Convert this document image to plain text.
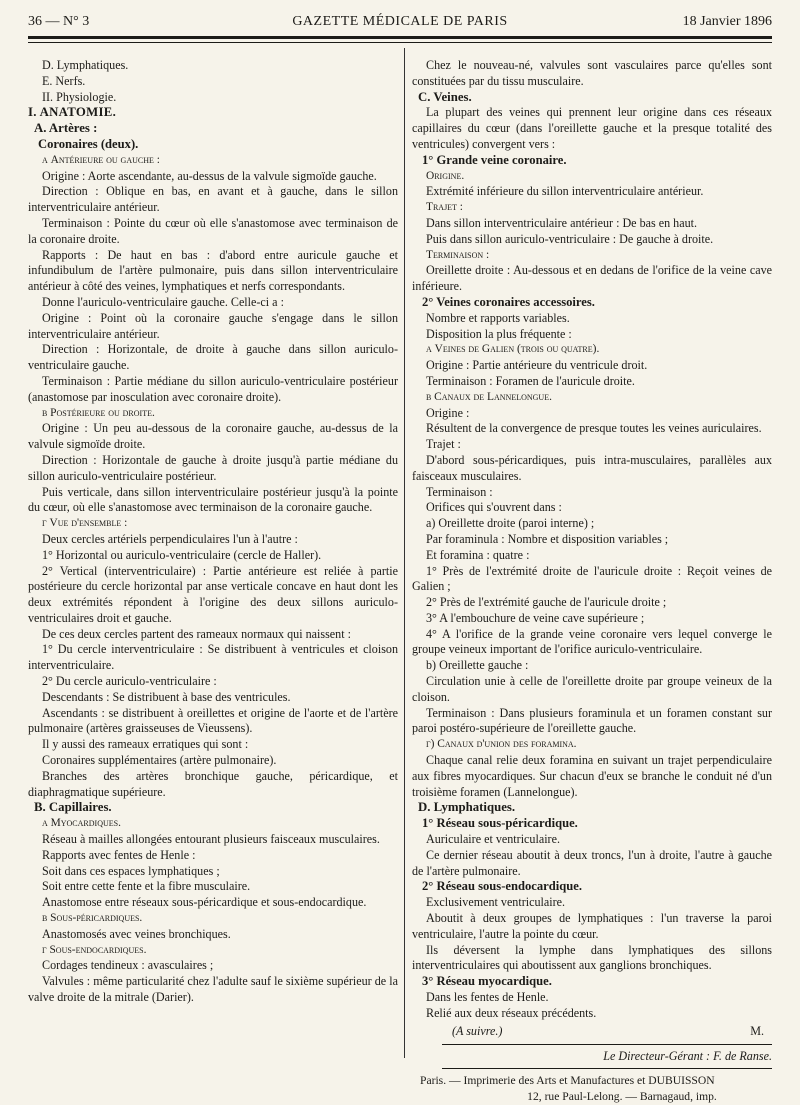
36 — N° 3	GAZETTE MÉDICALE DE PARIS	18 Janvier 1896

D. Lymphatiques.

E. Nerfs.

II. Physiologie.

I. ANATOMIE.

A. Artères :

Coronaires (deux).

α Antérieure ou gauche :

Origine : Aorte ascendante, au-dessus de la valvule sigmoïde gauche.

Direction : Oblique en bas, en avant et à gauche, dans le sillon interventriculaire antérieur.

Terminaison : Pointe du cœur où elle s'anastomose avec terminaison de la coronaire droite.

Rapports : De haut en bas : d'abord entre auricule gauche et infundibulum de l'artère pulmonaire, puis dans sillon interventriculaire antérieur à côté des veines, lymphatiques et nerfs correspondants.

Donne l'auriculo-ventriculaire gauche. Celle-ci a :

Origine : Point où la coronaire gauche s'engage dans le sillon interventriculaire antérieur.

Direction : Horizontale, de droite à gauche dans sillon auriculo-ventriculaire gauche.

Terminaison : Partie médiane du sillon auriculo-ventriculaire postérieur (anastomose par inosculation avec coronaire droite).

β Postérieure ou droite.

Origine : Un peu au-dessous de la coronaire gauche, au-dessus de la valvule sigmoïde droite.

Direction : Horizontale de gauche à droite jusqu'à partie médiane du sillon auriculo-ventriculaire postérieur.

Puis verticale, dans sillon interventriculaire postérieur jusqu'à la pointe du cœur, où elle s'anastomose avec terminaison de la coronaire gauche.

γ Vue d'ensemble :

Deux cercles artériels perpendiculaires l'un à l'autre :

1° Horizontal ou auriculo-ventriculaire (cercle de Haller).

2° Vertical (interventriculaire) : Partie antérieure est reliée à partie postérieure du cercle horizontal par anse verticale concave en haut dont les deux extrémités répondent à l'origine des deux sillons auriculo-ventriculaires droit et gauche.

De ces deux cercles partent des rameaux normaux qui naissent :

1° Du cercle interventriculaire : Se distribuent à ventricules et cloison interventriculaire.

2° Du cercle auriculo-ventriculaire :

Descendants : Se distribuent à base des ventricules.

Ascendants : se distribuent à oreillettes et origine de l'aorte et de l'artère pulmonaire (artères graisseuses de Vieussens).

Il y aussi des rameaux erratiques qui sont :

Coronaires supplémentaires (artère pulmonaire).

Branches des artères bronchique gauche, péricardique, et diaphragmatique supérieure.

B. Capillaires.

α Myocardiques.

Réseau à mailles allongées entourant plusieurs faisceaux musculaires.

Rapports avec fentes de Henle :

Soit dans ces espaces lymphatiques ;

Soit entre cette fente et la fibre musculaire.

Anastomose entre réseaux sous-péricardique et sous-endocardique.

β Sous-péricardiques.

Anastomosés avec veines bronchiques.

γ Sous-endocardiques.

Cordages tendineux : avasculaires ;

Valvules : même particularité chez l'adulte sauf le sixième supérieur de la valve droite de la mitrale (Darier).

Chez le nouveau-né, valvules sont vasculaires parce qu'elles sont constituées par du tissu musculaire.

C. Veines.

La plupart des veines qui prennent leur origine dans ces réseaux capillaires du cœur (dans l'oreillette gauche et la presque totalité des ventricules) convergent vers :

1° Grande veine coronaire.

Origine.

Extrémité inférieure du sillon interventriculaire antérieur.

Trajet :

Dans sillon interventriculaire antérieur : De bas en haut.

Puis dans sillon auriculo-ventriculaire : De gauche à droite.

Terminaison :

Oreillette droite : Au-dessous et en dedans de l'orifice de la veine cave inférieure.

2° Veines coronaires accessoires.

Nombre et rapports variables.

Disposition la plus fréquente :

α Veines de Galien (trois ou quatre).

Origine : Partie antérieure du ventricule droit.

Terminaison : Foramen de l'auricule droite.

β Canaux de Lannelongue.

Origine :

Résultent de la convergence de presque toutes les veines auriculaires.

Trajet :

D'abord sous-péricardiques, puis intra-musculaires, parallèles aux faisceaux musculaires.

Terminaison :

Orifices qui s'ouvrent dans :

a) Oreillette droite (paroi interne) ;

Par foraminula : Nombre et disposition variables ;

Et foramina : quatre :

1° Près de l'extrémité droite de l'auricule droite : Reçoit veines de Galien ;

2° Près de l'extrémité gauche de l'auricule droite ;

3° A l'embouchure de veine cave supérieure ;

4° A l'orifice de la grande veine coronaire vers lequel converge le groupe veineux important de l'orifice auriculo-ventriculaire.

b) Oreillette gauche :

Circulation unie à celle de l'oreillette droite par groupe veineux de la cloison.

Terminaison : Dans plusieurs foraminula et un foramen constant sur paroi postéro-supérieure de l'oreillette gauche.

γ) Canaux d'union des foramina.

Chaque canal relie deux foramina en suivant un trajet perpendiculaire aux fibres myocardiques. Sur chacun d'eux se branche le conduit né d'un troisième foramen (Lannelongue).

D. Lymphatiques.

1° Réseau sous-péricardique.

Auriculaire et ventriculaire.

Ce dernier réseau aboutit à deux troncs, l'un à droite, l'autre à gauche de l'artère pulmonaire.

2° Réseau sous-endocardique.

Exclusivement ventriculaire.

Aboutit à deux groupes de lymphatiques : l'un traverse la paroi ventriculaire, l'autre la pointe du cœur.

Ils déversent la lymphe dans lymphatiques des sillons interventriculaires qui aboutissent aux ganglions bronchiques.

3° Réseau myocardique.

Dans les fentes de Henle.

Relié aux deux réseaux précédents.

(A suivre.)	M.

Le Directeur-Gérant : F. de Ranse.

Paris. — Imprimerie des Arts et Manufactures et DUBUISSON

12, rue Paul-Lelong. — Barnagaud, imp.
